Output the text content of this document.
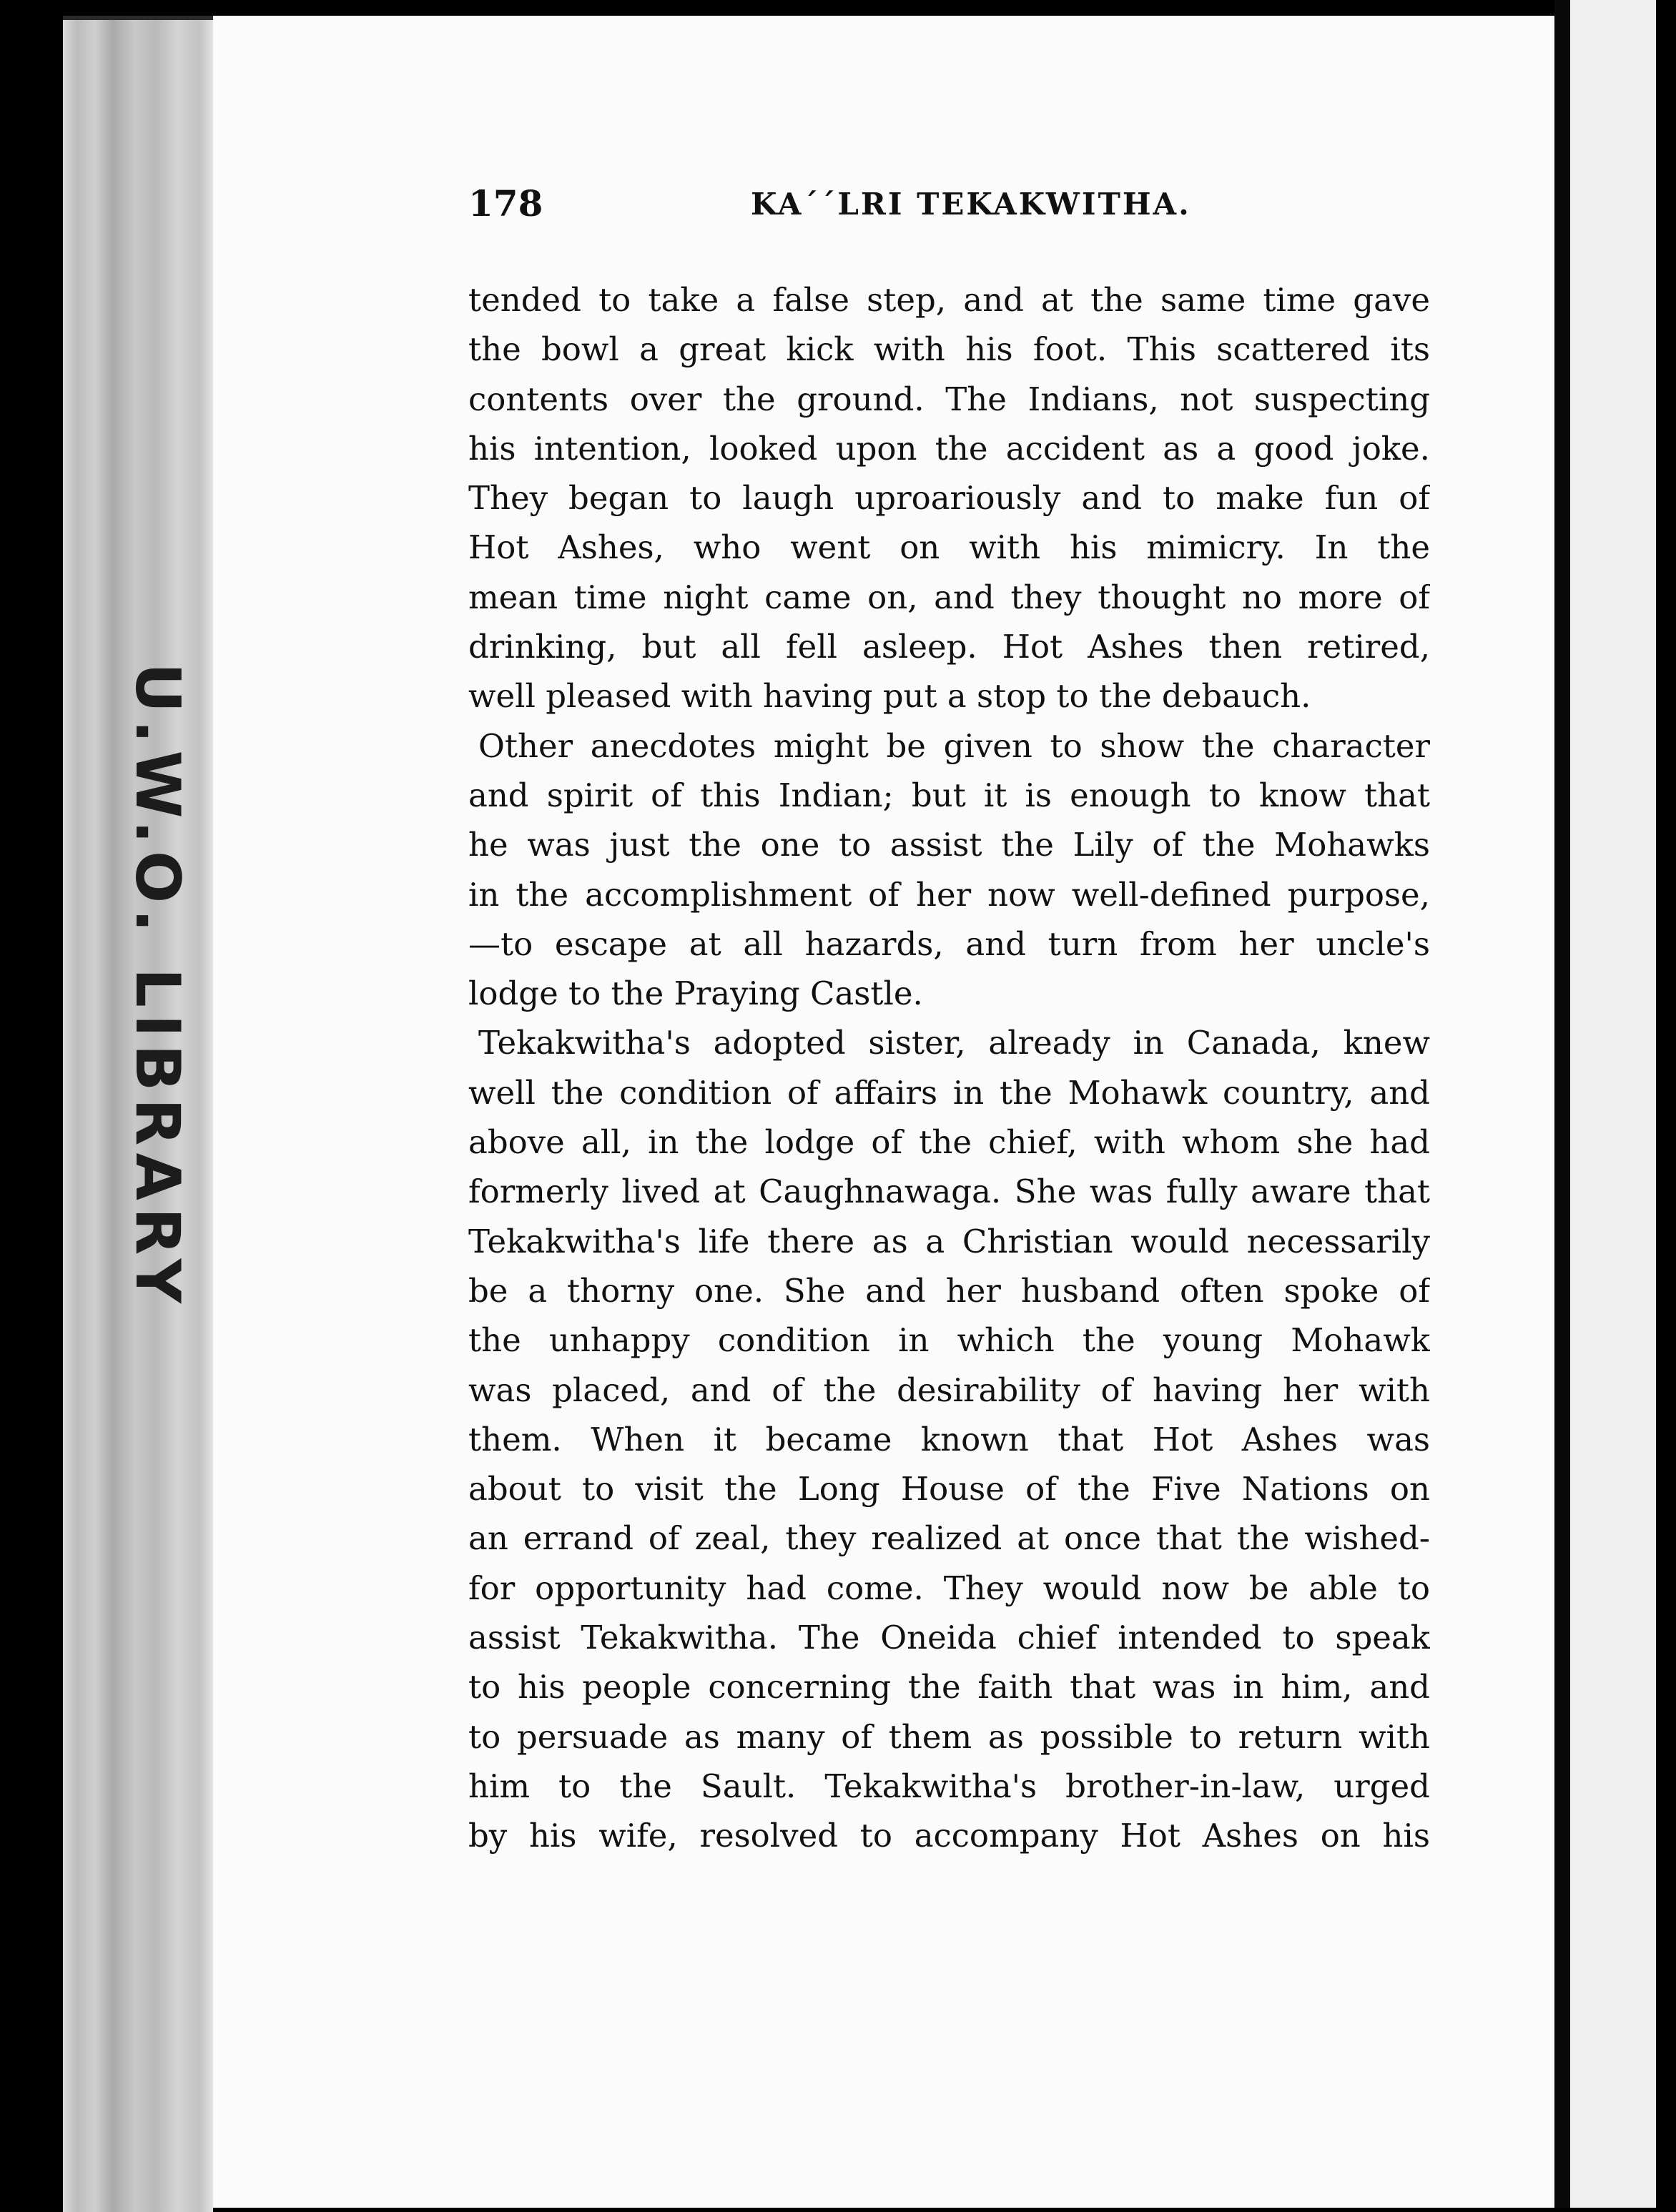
U.W.O. LIBRARY
178	KA´´LRI TEKAKWITHA.
tended to take a false step, and at the same time gave
the bowl a great kick with his foot. This scattered its
contents over the ground. The Indians, not suspecting
his intention, looked upon the accident as a good joke.
They began to laugh uproariously and to make fun of
Hot Ashes, who went on with his mimicry. In the
mean time night came on, and they thought no more of
drinking, but all fell asleep. Hot Ashes then retired,
well pleased with having put a stop to the debauch.
Other anecdotes might be given to show the character
and spirit of this Indian; but it is enough to know that
he was just the one to assist the Lily of the Mohawks
in the accomplishment of her now well-defined purpose,
—to escape at all hazards, and turn from her uncle's
lodge to the Praying Castle.
Tekakwitha's adopted sister, already in Canada, knew
well the condition of affairs in the Mohawk country, and
above all, in the lodge of the chief, with whom she had
formerly lived at Caughnawaga. She was fully aware that
Tekakwitha's life there as a Christian would necessarily
be a thorny one. She and her husband often spoke of
the unhappy condition in which the young Mohawk
was placed, and of the desirability of having her with
them. When it became known that Hot Ashes was
about to visit the Long House of the Five Nations on
an errand of zeal, they realized at once that the wished-
for opportunity had come. They would now be able to
assist Tekakwitha. The Oneida chief intended to speak
to his people concerning the faith that was in him, and
to persuade as many of them as possible to return with
him to the Sault. Tekakwitha's brother-in-law, urged
by his wife, resolved to accompany Hot Ashes on his
